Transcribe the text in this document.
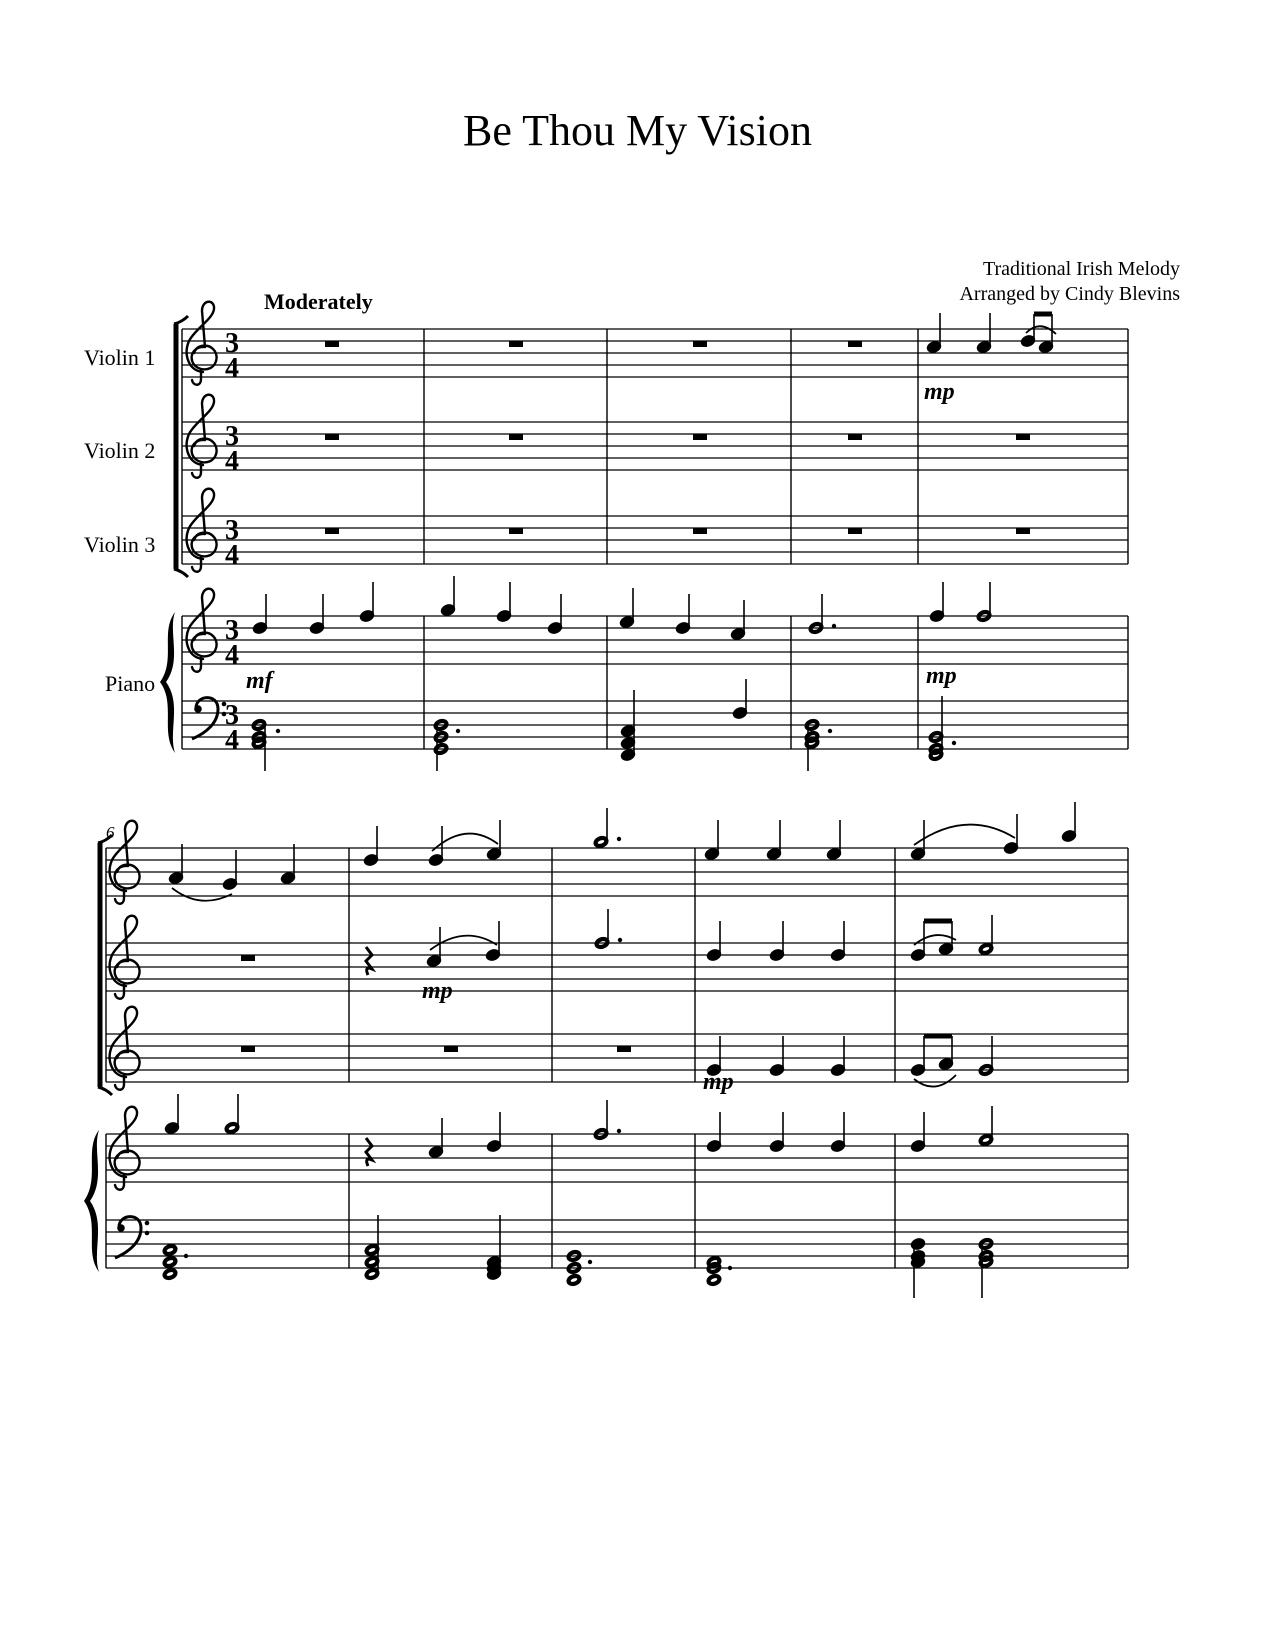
Be Thou My Vision
Traditional Irish Melody
Arranged by Cindy Blevins
3
4
3
4
3
4
3
4
3
4
Violin 1
Violin 2
Violin 3
Piano
Moderately
6
mp
mf	mp
mp
mp
